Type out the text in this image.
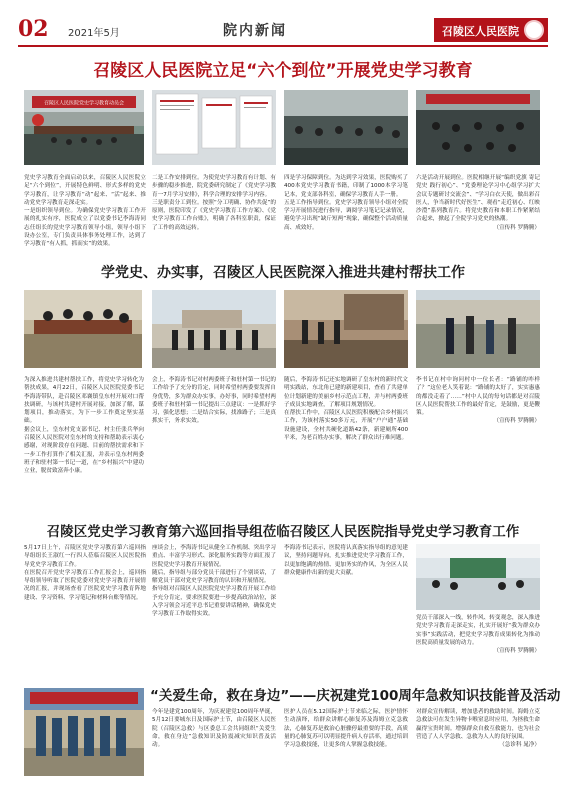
02 2021年5月	院内新闻	召陵区人民医院
召陵区人民医院立足“六个到位”开展党史学习教育
召陵区人民医院党史学习教育动员会

党史学习教育全面启动以来，召陵区人民医院立足“六个到位”，开展特色鲜明、形式多样的党史学习教育，让学习教育“动”起来、“活”起来、推动党史学习教育走深走实。

一是组织领导到位。为确保党史学习教育工作开展的扎实有序，医院成立了以党委书记李海涛同志任组长的党史学习教育领导小组，领导小组下设办公室，专门负责具体事务处理工作，达到了学习教育“有人抓，抓而实”的效果。

二是工作安排到位。为使党史学习教育有计划、有步骤的稳步推进，院党委研究制定了《党史学习教育一7月学习安排》，科学合理的安排学习内容。

三是职责分工到位。按照“分工明确、协作共促”的原则，医院印发了《党史学习教育工作方案》、《党史学习教育工作台账》，明确了各科室职责，保证了工作的高效运转。

四是学习保障到位。为达到学习效果，医院购买了400本党史学习教育书籍，印制了1000本学习笔记本，党支部各科室，确保学习教育人手一册。

五是工作指导到位。党史学习教育领导小组对全院学习开展情况进行指导，调阅学习笔记记录情况，避免学习出现“缺斤短两”现象，确保整个活动质量高、成效好。

六是活动开展到位。医院相继开展“编织党旗 寄记党史 践行初心”、“党委理论学习中心组学习扩大会议专题研讨交流会”、“学习白衣天使，做出彩召医人，争当新时代好医生”、观看“走近初心、红映沙澧”系列教育片。将党史教育和本职工作紧紧结合起来，掀起了全院学习党史的热潮。

（宣传科 罗腾腾）

学党史、办实事，召陵区人民医院深入推进共建村帮扶工作

为深入推进共建村帮扶工作，将党史学习转化为帮扶成果，4月22日，召陵区人民医院党委书记李海涛带队，赴召陵区邓襄镇皇东村开展对口帮扶调研，与该村共建村开展对接，加深了解，谋划项目，推动落实，为下一步工作奠定坚实基础。

据会议上，皇东村党支部书记、村主任张兵华向召陵区人民医院对皇东村的支持和帮助表示衷心感谢，对现阶段存在问题、目前的帮扶需求和下一步工作打算作了相关汇报，并表示皇东村两委班子和驻村第一书记一道，在“乡村振兴”中建功立业，脱贫致富奔小康。

会上，李海涛书记对村两委班子和驻村第一书记的工作给予了充分的肯定，同时希望村两委要发挥自身优势，多为群众办实事，办好事，同时希望村两委班子和驻村第一书记提出三点建议：一是抓好学习，强化思想；二是结合实际，找准路子；三是真抓实干，务求实效。

随后，李海涛书记还实地调研了皇东村的新时代文明实践站，东北角已建的新建项目，查看了共建单位计划新建的美丽乡村示范点工程，并与村两委班子成员实地调查，了解项目规划情况。

在帮扶工作中，召陵区人民医院积极配合乡村振兴工作，为该村落实50多万元，开展“户户通”基础设施建设，全村共硬化道路42条，新建厕所400平米，为老百姓办实事，解决了群众出行难问题。

李书记在村中询问村中一位长者：“路铺的咋样了？”这位老人笑着说：“路铺的太好了，实实惠惠的都没走着了……”村中人民的每句话都是对召陵区人民医院帮扶工作的最好肯定，是鼓励，更是鞭策。

（宣传科 罗腾腾）

召陵区党史学习教育第六巡回指导组莅临召陵区人民医院指导党史学习教育工作

5月17日上午，召陵区党史学习教育第六巡回指导组组长王淑红一行四人莅临召陵区人民医院指导党史学习教育工作。

在医院召开党史学习教育工作汇报会上，巡回指导组领导听取了医院党委对党史学习教育开展情况的汇报，并现场查看了医院党史学习教育阵地建设、学习资料、学习笔记和材料台账等情况。

座谈会上，李海涛书记从健全工作机制、突出学习重点、丰富学习形式、深化服务实践等方面汇报了医院党史学习教育开展情况。

随后，指导组与部分党员干部进行了个别谈话，了解党员干部对党史学习教育的认识和开展情况。

指导组对召陵区人民医院党史学习教育开展工作给予充分肯定，要求医院要进一步提高政治站位，深入学习领会习近平总书记重要讲话精神，确保党史学习教育工作取得实效。

李海涛书记表示，医院将认真落实指导组的意见建议，坚持问题导向，扎实推进党史学习教育工作，以更加饱满的热情、更加务实的作风，为全区人民群众健康作出新的更大贡献。

党员干部深入一线，转作风、转变观念，深入推进党史学习教育走深走实，扎实开展好“我为群众办实事”实践活动，把党史学习教育成果转化为推动医院高质量发展的动力。

（宣传科 罗腾腾）

“关爱生命，救在身边”——庆祝建党100周年急救知识技能普及活动

今年是建党100周年，为庆祝建党100周年华诞，5月12日要城东日及国际护士节，由召陵区人民医院（召陵区急救）与区委总工会共同组织“关爱生命，救在身边”急救知识及防震减灾知识普及活动。

医护人员在5.12国际护士节来临之际，医护情怀生动演绎，给群众讲解心肺复苏及海姆立克急救法，心肺复苏是救治心脏骤停最重要的手段，高质量的心肺复苏可以明显提升病人存活率，通过培训学习急救技能，让更多的人掌握急救技能。

对群众宣传解读，增加患者的救助时间。海姆立克急救法可在发生异物卡喉窒息时应用，为拯救生命赢得宝贵时间。增强群众自救互救能力，也为社会营造了人人学急救、急救为人人的良好氛围。

（急诊科 晁净）
